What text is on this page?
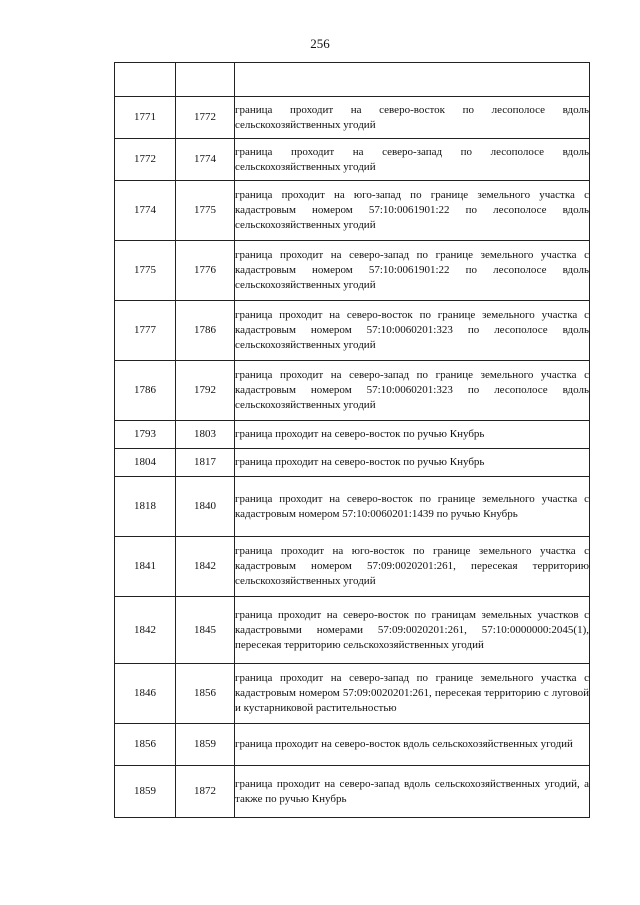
256

1771	1772	граница проходит на северо-восток по лесополосе вдоль сельскохозяйственных угодий
1772	1774	граница проходит на северо-запад по лесополосе вдоль сельскохозяйственных угодий
1774	1775	граница проходит на юго-запад по границе земельного участка с кадастровым номером 57:10:0061901:22 по лесополосе вдоль сельскохозяйственных угодий
1775	1776	граница проходит на северо-запад по границе земельного участка с кадастровым номером 57:10:0061901:22 по лесополосе вдоль сельскохозяйственных угодий
1777	1786	граница проходит на северо-восток по границе земельного участка с кадастровым номером 57:10:0060201:323 по лесополосе вдоль сельскохозяйственных угодий
1786	1792	граница проходит на северо-запад по границе земельного участка с кадастровым номером 57:10:0060201:323 по лесополосе вдоль сельскохозяйственных угодий
1793	1803	граница проходит на северо-восток по ручью Кнубрь
1804	1817	граница проходит на северо-восток по ручью Кнубрь
1818	1840	граница проходит на северо-восток по границе земельного участка с кадастровым номером 57:10:0060201:1439 по ручью Кнубрь
1841	1842	граница проходит на юго-восток по границе земельного участка с кадастровым номером 57:09:0020201:261, пересекая территорию сельскохозяйственных угодий
1842	1845	граница проходит на северо-восток по границам земельных участков с кадастровыми номерами 57:09:0020201:261, 57:10:0000000:2045(1), пересекая территорию сельскохозяйственных угодий
1846	1856	граница проходит на северо-запад по границе земельного участка с кадастровым номером 57:09:0020201:261, пересекая территорию с луговой и кустарниковой растительностью
1856	1859	граница проходит на северо-восток вдоль сельскохозяйственных угодий
1859	1872	граница проходит на северо-запад вдоль сельскохозяйственных угодий, а также по ручью Кнубрь
